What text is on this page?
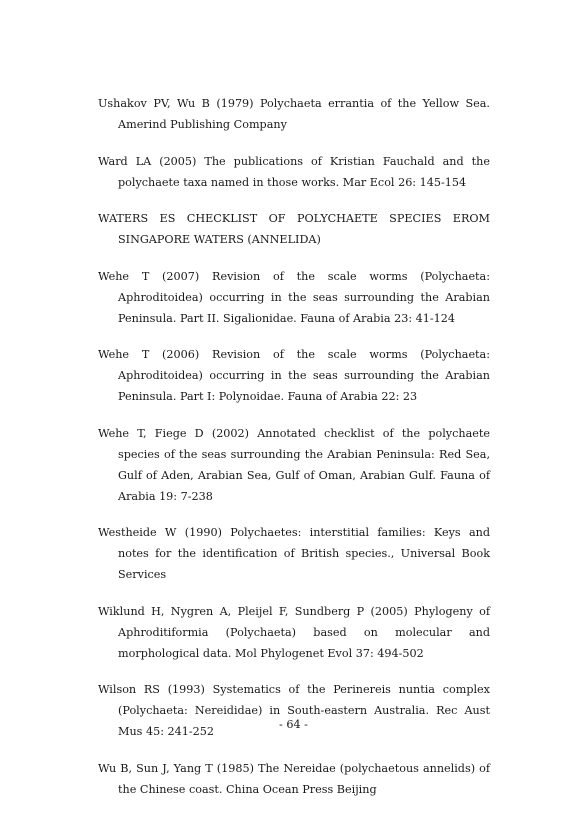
Ushakov PV, Wu B (1979) Polychaeta errantia of the Yellow Sea. Amerind Publishing Company
Ward LA (2005) The publications of Kristian Fauchald and the polychaete taxa named in those works. Mar Ecol 26: 145-154
WATERS ES CHECKLIST OF POLYCHAETE SPECIES EROM SINGAPORE WATERS (ANNELIDA)
Wehe T (2007) Revision of the scale worms (Polychaeta: Aphroditoidea) occurring in the seas surrounding the Arabian Peninsula. Part II. Sigalionidae. Fauna of Arabia 23: 41-124
Wehe T (2006) Revision of the scale worms (Polychaeta: Aphroditoidea) occurring in the seas surrounding the Arabian Peninsula. Part I: Polynoidae. Fauna of Arabia 22: 23
Wehe T, Fiege D (2002) Annotated checklist of the polychaete species of the seas surrounding the Arabian Peninsula: Red Sea, Gulf of Aden, Arabian Sea, Gulf of Oman, Arabian Gulf. Fauna of Arabia 19: 7-238
Westheide W (1990) Polychaetes: interstitial families: Keys and notes for the identification of British species., Universal Book Services
Wiklund H, Nygren A, Pleijel F, Sundberg P (2005) Phylogeny of Aphroditiformia (Polychaeta) based on molecular and morphological data. Mol Phylogenet Evol 37: 494-502
Wilson RS (1993) Systematics of the Perinereis nuntia complex (Polychaeta: Nereididae) in South-eastern Australia. Rec Aust Mus 45: 241-252
Wu B, Sun J, Yang T (1985) The Nereidae (polychaetous annelids) of the Chinese coast. China Ocean Press Beijing
- 64 -
